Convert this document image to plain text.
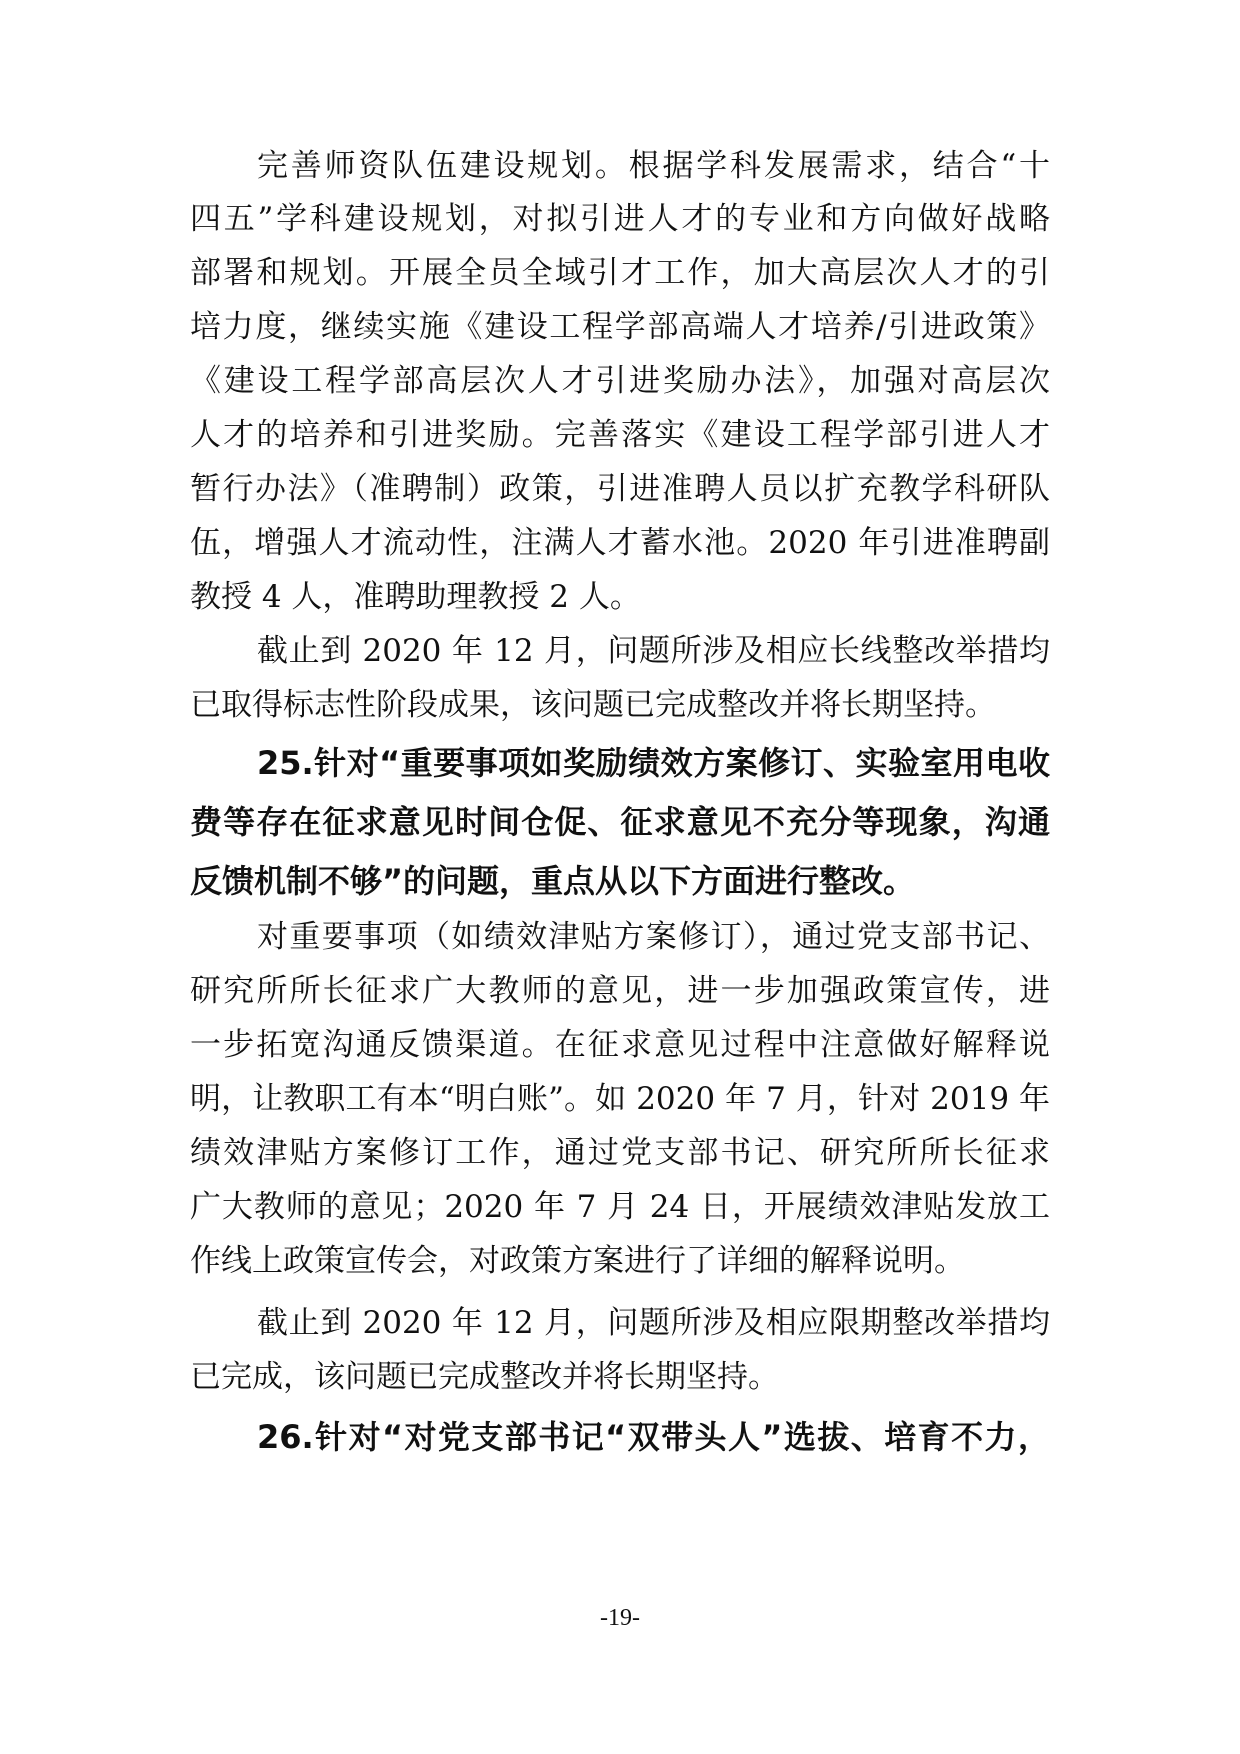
完善师资队伍建设规划。根据学科发展需求，结合“十
四五”学科建设规划，对拟引进人才的专业和方向做好战略
部署和规划。开展全员全域引才工作，加大高层次人才的引
培力度，继续实施《建设工程学部高端人才培养/引进政策》
《建设工程学部高层次人才引进奖励办法》，加强对高层次
人才的培养和引进奖励。完善落实《建设工程学部引进人才
暂行办法》（准聘制）政策，引进准聘人员以扩充教学科研队
伍，增强人才流动性，注满人才蓄水池。2020 年引进准聘副
教授 4 人，准聘助理教授 2 人。
截止到 2020 年 12 月，问题所涉及相应长线整改举措均
已取得标志性阶段成果，该问题已完成整改并将长期坚持。
25.针对“重要事项如奖励绩效方案修订、实验室用电收
费等存在征求意见时间仓促、征求意见不充分等现象，沟通
反馈机制不够”的问题，重点从以下方面进行整改。
对重要事项（如绩效津贴方案修订），通过党支部书记、
研究所所长征求广大教师的意见，进一步加强政策宣传，进
一步拓宽沟通反馈渠道。在征求意见过程中注意做好解释说
明，让教职工有本“明白账”。如 2020 年 7 月，针对 2019 年
绩效津贴方案修订工作，通过党支部书记、研究所所长征求
广大教师的意见；2020 年 7 月 24 日，开展绩效津贴发放工
作线上政策宣传会，对政策方案进行了详细的解释说明。
截止到 2020 年 12 月，问题所涉及相应限期整改举措均
已完成，该问题已完成整改并将长期坚持。
26.针对“对党支部书记“双带头人”选拔、培育不力，
-19-
